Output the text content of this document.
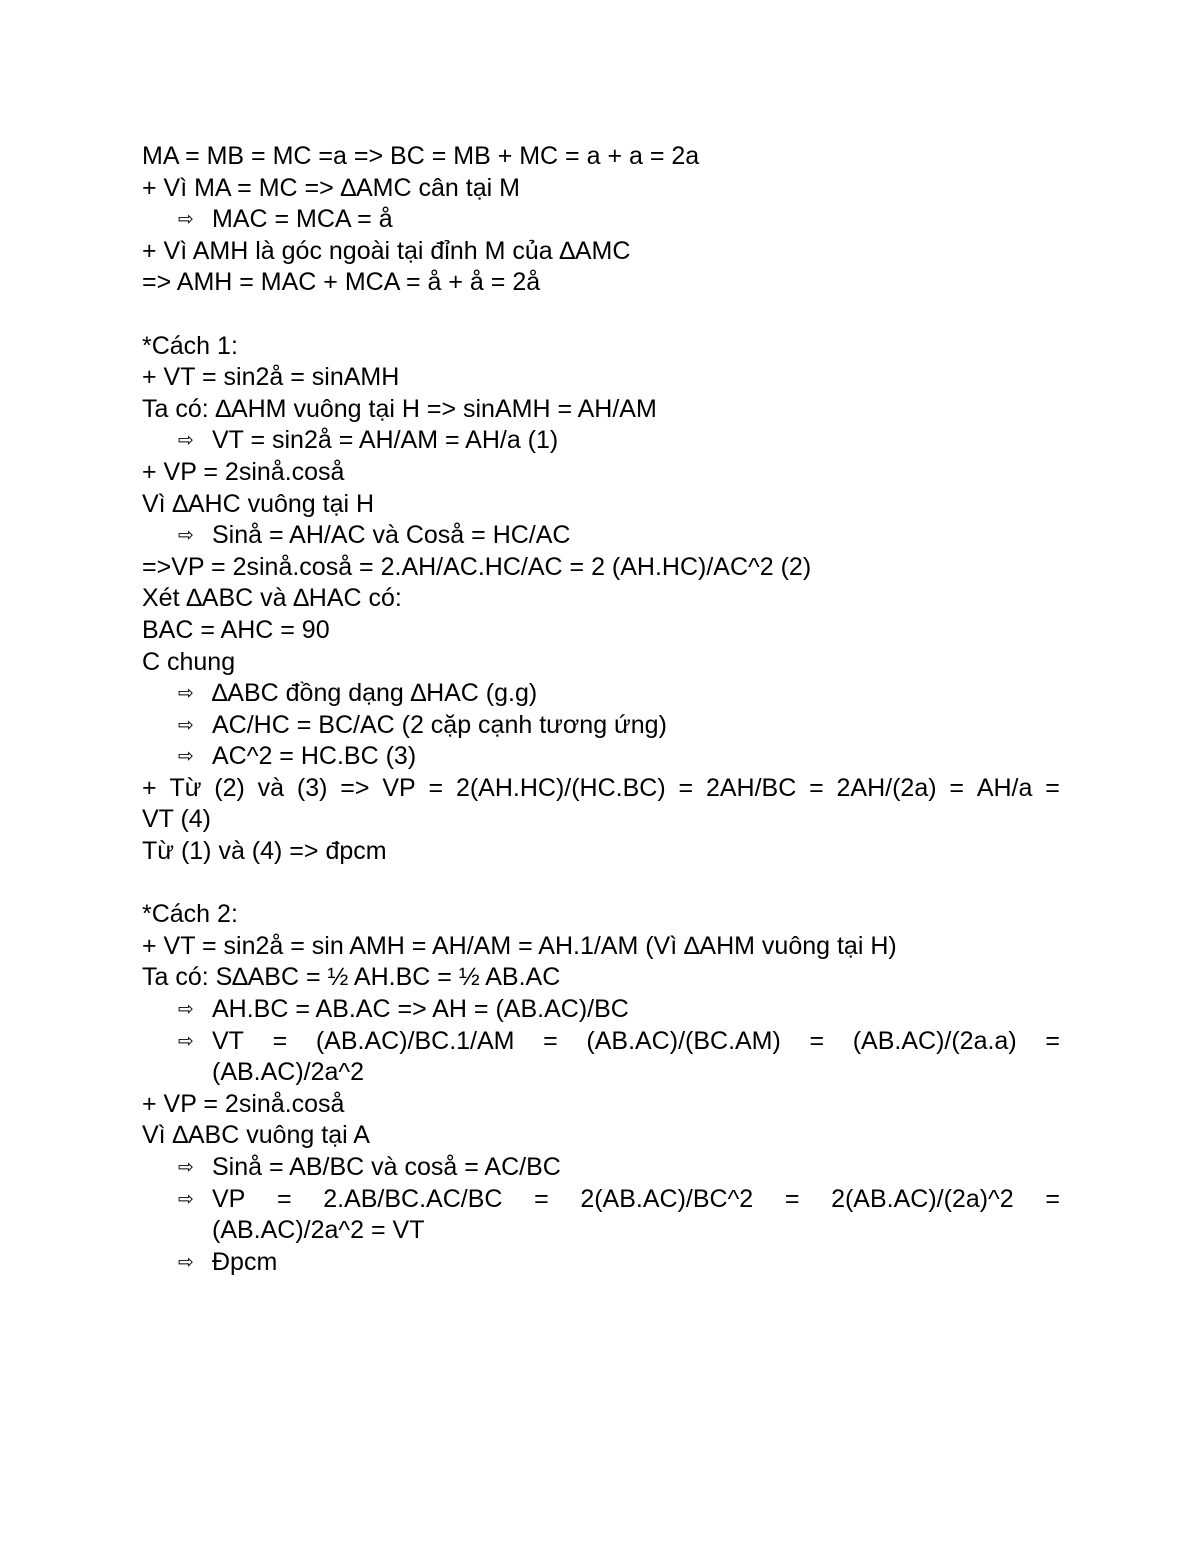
MA = MB = MC =a => BC = MB + MC = a + a = 2a
+ Vì MA = MC => ∆AMC cân tại M
⇨ MAC = MCA = å
+ Vì AMH là góc ngoài tại đỉnh M của ∆AMC
=> AMH = MAC + MCA = å + å = 2å
*Cách 1:
+ VT = sin2å = sinAMH
Ta có: ∆AHM vuông tại H => sinAMH = AH/AM
⇨ VT = sin2å = AH/AM = AH/a (1)
+ VP = 2sinå.coså
Vì ∆AHC vuông tại H
⇨ Sinå = AH/AC và Coså = HC/AC
=>VP = 2sinå.coså = 2.AH/AC.HC/AC = 2 (AH.HC)/AC^2 (2)
Xét ∆ABC và ∆HAC có:
BAC = AHC = 90
C chung
⇨ ∆ABC đồng dạng ∆HAC (g.g)
⇨ AC/HC = BC/AC (2 cặp cạnh tương ứng)
⇨ AC^2 = HC.BC (3)
+ Từ (2) và (3) => VP = 2(AH.HC)/(HC.BC) = 2AH/BC = 2AH/(2a) = AH/a =
VT (4)
Từ (1) và (4) => đpcm
*Cách 2:
+ VT = sin2å = sin AMH = AH/AM = AH.1/AM (Vì ∆AHM vuông tại H)
Ta có: S∆ABC = ½ AH.BC = ½ AB.AC
⇨ AH.BC = AB.AC => AH = (AB.AC)/BC
⇨ VT = (AB.AC)/BC.1/AM = (AB.AC)/(BC.AM) = (AB.AC)/(2a.a) =
(AB.AC)/2a^2
+ VP = 2sinå.coså
Vì ∆ABC vuông tại A
⇨ Sinå = AB/BC và coså = AC/BC
⇨ VP = 2.AB/BC.AC/BC = 2(AB.AC)/BC^2 = 2(AB.AC)/(2a)^2 =
(AB.AC)/2a^2 = VT
⇨ Đpcm
